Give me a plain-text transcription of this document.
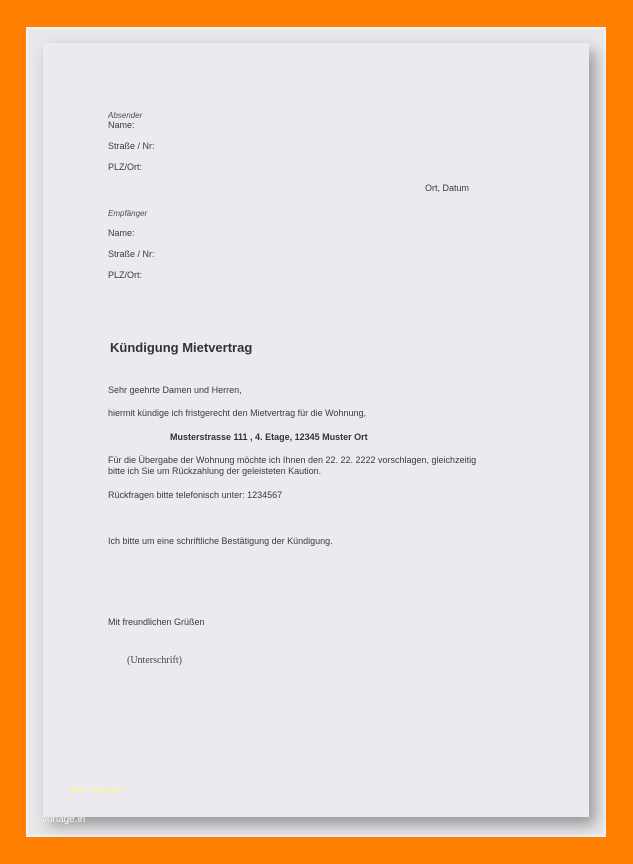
Absender
Name:
Straße / Nr:
PLZ/Ort:
Ort, Datum
Empfänger
Name:
Straße / Nr:
PLZ/Ort:
Kündigung Mietvertrag
Sehr geehrte Damen und Herren,
hiermit kündige ich fristgerecht den Mietvertrag für die Wohnung,
Musterstrasse 111 , 4. Etage, 12345 Muster Ort
Für die Übergabe der Wohnung möchte ich Ihnen den 22. 22. 2222 vorschlagen, gleichzeitig
bitte ich Sie um Rückzahlung der geleisteten Kaution.
Rückfragen bitte telefonisch unter: 1234567
Ich bitte um eine schriftliche Bestätigung der Kündigung.
Mit freundlichen Grüßen
(Unterschrift)
Max Muster
vorlage.in
